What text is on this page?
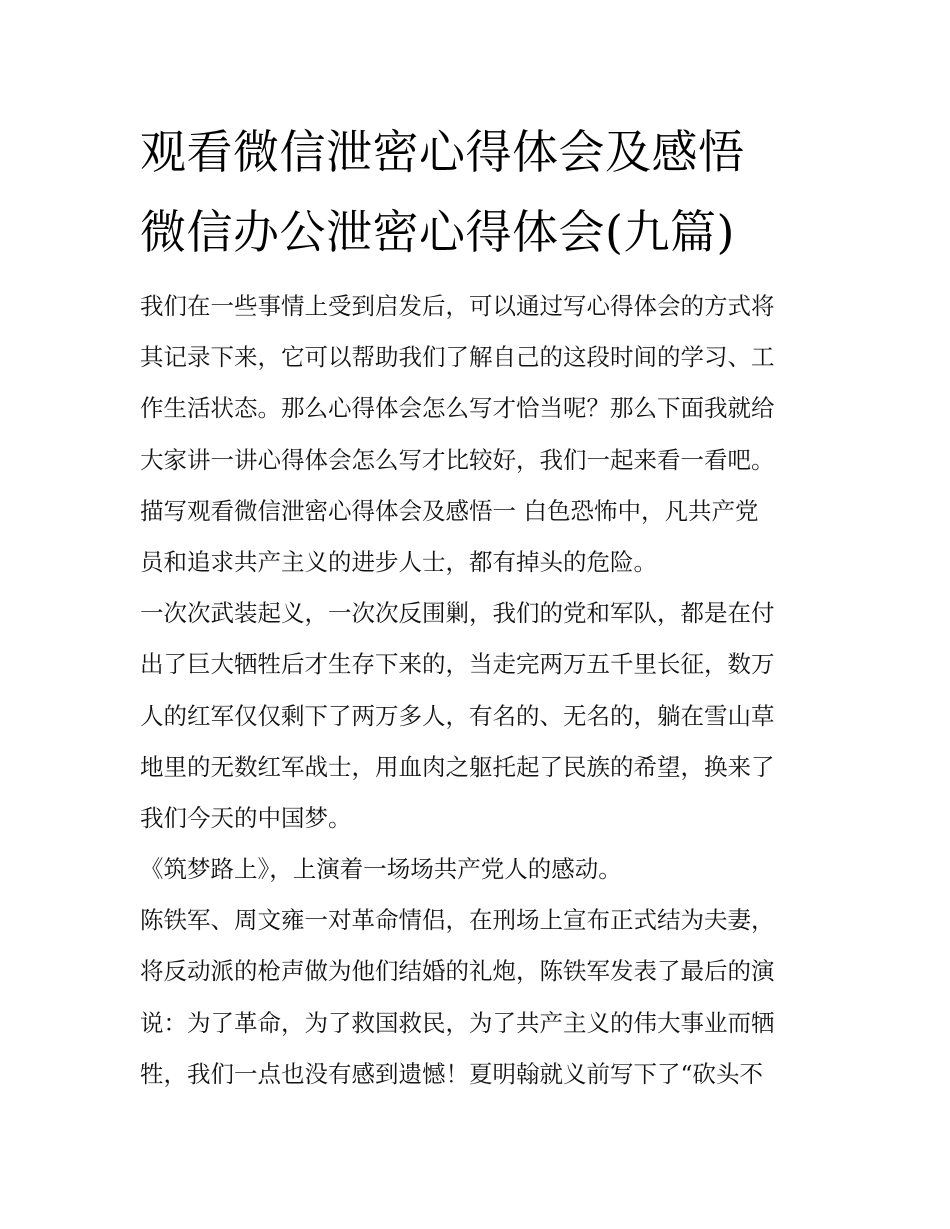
观看微信泄密心得体会及感悟
微信办公泄密心得体会(九篇)
我们在一些事情上受到启发后，可以通过写心得体会的方式将
其记录下来，它可以帮助我们了解自己的这段时间的学习、工
作生活状态。那么心得体会怎么写才恰当呢？那么下面我就给
大家讲一讲心得体会怎么写才比较好，我们一起来看一看吧。
描写观看微信泄密心得体会及感悟一 白色恐怖中，凡共产党
员和追求共产主义的进步人士，都有掉头的危险。
一次次武装起义，一次次反围剿，我们的党和军队，都是在付
出了巨大牺牲后才生存下来的，当走完两万五千里长征，数万
人的红军仅仅剩下了两万多人，有名的、无名的，躺在雪山草
地里的无数红军战士，用血肉之躯托起了民族的希望，换来了
我们今天的中国梦。
《筑梦路上》，上演着一场场共产党人的感动。
陈铁军、周文雍一对革命情侣，在刑场上宣布正式结为夫妻，
将反动派的枪声做为他们结婚的礼炮，陈铁军发表了最后的演
说：为了革命，为了救国救民，为了共产主义的伟大事业而牺
牲，我们一点也没有感到遗憾！夏明翰就义前写下了“砍头不
